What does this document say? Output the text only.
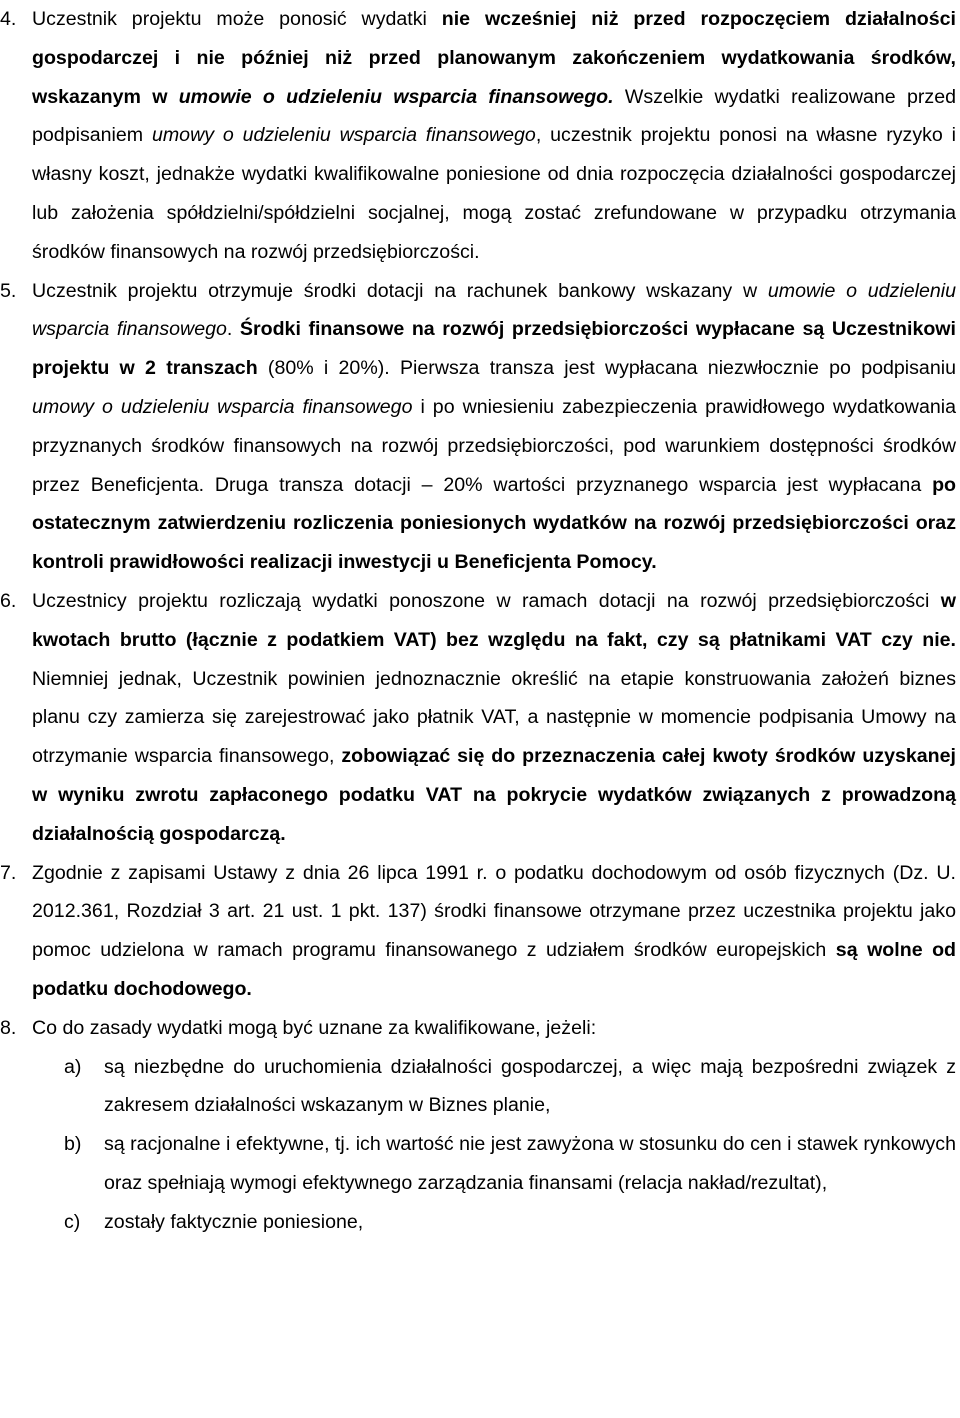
4. Uczestnik projektu może ponosić wydatki nie wcześniej niż przed rozpoczęciem działalności gospodarczej i nie później niż przed planowanym zakończeniem wydatkowania środków, wskazanym w umowie o udzieleniu wsparcia finansowego. Wszelkie wydatki realizowane przed podpisaniem umowy o udzieleniu wsparcia finansowego, uczestnik projektu ponosi na własne ryzyko i własny koszt, jednakże wydatki kwalifikowalne poniesione od dnia rozpoczęcia działalności gospodarczej lub założenia spółdzielni/spółdzielni socjalnej, mogą zostać zrefundowane w przypadku otrzymania środków finansowych na rozwój przedsiębiorczości.
5. Uczestnik projektu otrzymuje środki dotacji na rachunek bankowy wskazany w umowie o udzieleniu wsparcia finansowego. Środki finansowe na rozwój przedsiębiorczości wypłacane są Uczestnikowi projektu w 2 transzach (80% i 20%). Pierwsza transza jest wypłacana niezwłocznie po podpisaniu umowy o udzieleniu wsparcia finansowego i po wniesieniu zabezpieczenia prawidłowego wydatkowania przyznanych środków finansowych na rozwój przedsiębiorczości, pod warunkiem dostępności środków przez Beneficjenta. Druga transza dotacji – 20% wartości przyznanego wsparcia jest wypłacana po ostatecznym zatwierdzeniu rozliczenia poniesionych wydatków na rozwój przedsiębiorczości oraz kontroli prawidłowości realizacji inwestycji u Beneficjenta Pomocy.
6. Uczestnicy projektu rozliczają wydatki ponoszone w ramach dotacji na rozwój przedsiębiorczości w kwotach brutto (łącznie z podatkiem VAT) bez względu na fakt, czy są płatnikami VAT czy nie. Niemniej jednak, Uczestnik powinien jednoznacznie określić na etapie konstruowania założeń biznes planu czy zamierza się zarejestrować jako płatnik VAT, a następnie w momencie podpisania Umowy na otrzymanie wsparcia finansowego, zobowiązać się do przeznaczenia całej kwoty środków uzyskanej w wyniku zwrotu zapłaconego podatku VAT na pokrycie wydatków związanych z prowadzoną działalnością gospodarczą.
7. Zgodnie z zapisami Ustawy z dnia 26 lipca 1991 r. o podatku dochodowym od osób fizycznych (Dz. U. 2012.361, Rozdział 3 art. 21 ust. 1 pkt. 137) środki finansowe otrzymane przez uczestnika projektu jako pomoc udzielona w ramach programu finansowanego z udziałem środków europejskich są wolne od podatku dochodowego.
8. Co do zasady wydatki mogą być uznane za kwalifikowane, jeżeli:
a) są niezbędne do uruchomienia działalności gospodarczej, a więc mają bezpośredni związek z zakresem działalności wskazanym w Biznes planie,
b) są racjonalne i efektywne, tj. ich wartość nie jest zawyżona w stosunku do cen i stawek rynkowych oraz spełniają wymogi efektywnego zarządzania finansami (relacja nakład/rezultat),
c) zostały faktycznie poniesione,
